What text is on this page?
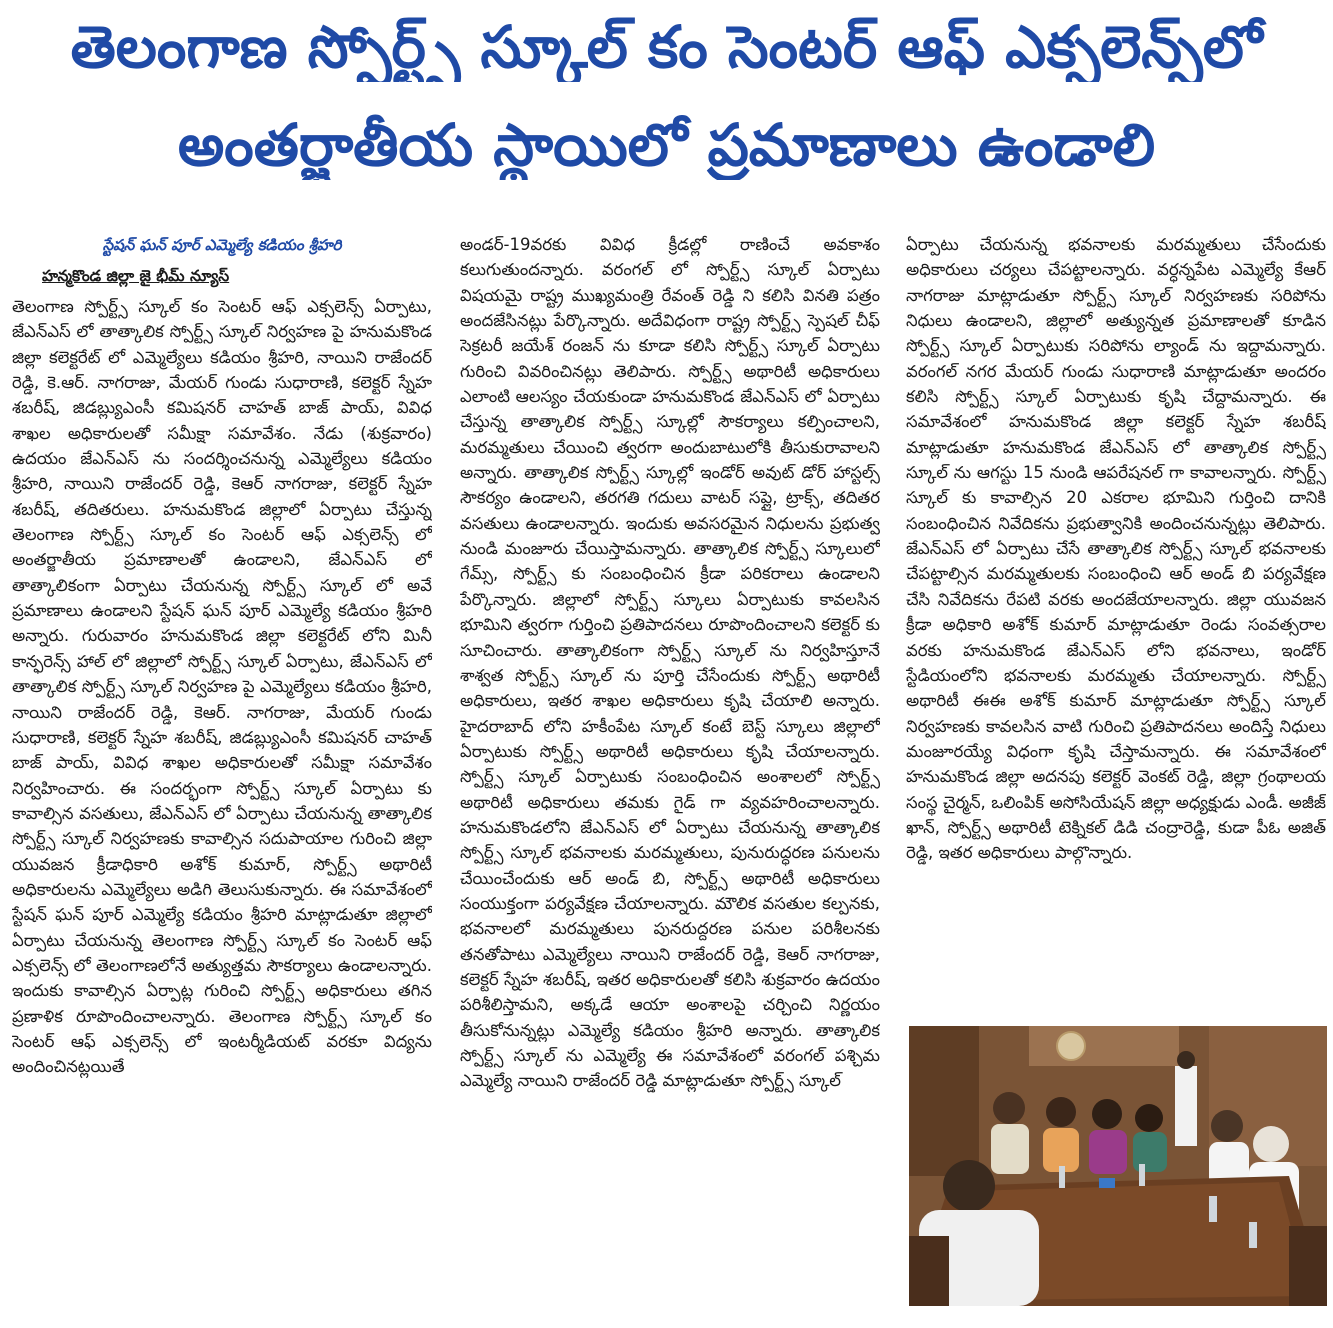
తెలంగాణ స్పోర్ట్స్ స్కూల్ కం సెంటర్ ఆఫ్ ఎక్సలెన్స్‌లో
అంతర్జాతీయ స్థాయిలో ప్రమాణాలు ఉండాలి
స్టేషన్ ఘన్ పూర్ ఎమ్మెల్యే కడియం శ్రీహరి
హన్మకొండ జిల్లా జై భీమ్ న్యూస్

తెలంగాణ స్పోర్ట్స్ స్కూల్ కం సెంటర్ ఆఫ్ ఎక్సలెన్స్ ఏర్పాటు, జేఎన్ఎస్ లో తాత్కాలిక స్పోర్ట్స్ స్కూల్ నిర్వహణ పై హనుమకొండ జిల్లా కలెక్టరేట్ లో ఎమ్మెల్యేలు కడియం శ్రీహరి, నాయిని రాజేందర్ రెడ్డి, కె.ఆర్. నాగరాజు, మేయర్ గుండు సుధారాణి, కలెక్టర్ స్నేహ శబరీష్, జిడబ్ల్యుఎంసీ కమిషనర్ చాహత్ బాజ్ పాయ్, వివిధ శాఖల అధికారులతో సమీక్షా సమావేశం. నేడు (శుక్రవారం) ఉదయం జేఎన్ఎస్ ను సందర్శించనున్న ఎమ్మెల్యేలు కడియం శ్రీహరి, నాయిని రాజేందర్ రెడ్డి, కెఆర్ నాగరాజు, కలెక్టర్ స్నేహ శబరీష్, తదితరులు. హనుమకొండ జిల్లాలో ఏర్పాటు చేస్తున్న తెలంగాణ స్పోర్ట్స్ స్కూల్ కం సెంటర్ ఆఫ్ ఎక్సలెన్స్ లో అంతర్జాతీయ ప్రమాణాలతో ఉండాలని, జేఎన్ఎస్ లో తాత్కాలికంగా ఏర్పాటు చేయనున్న స్పోర్ట్స్ స్కూల్ లో అవే ప్రమాణాలు ఉండాలని స్టేషన్ ఘన్ పూర్ ఎమ్మెల్యే కడియం శ్రీహరి అన్నారు. గురువారం హనుమకొండ జిల్లా కలెక్టరేట్ లోని మినీ కాన్ఫరెన్స్ హాల్ లో జిల్లాలో స్పోర్ట్స్ స్కూల్ ఏర్పాటు, జేఎన్ఎస్ లో తాత్కాలిక స్పోర్ట్స్ స్కూల్ నిర్వహణ పై ఎమ్మెల్యేలు కడియం శ్రీహరి, నాయిని రాజేందర్ రెడ్డి, కెఆర్. నాగరాజు, మేయర్ గుండు సుధారాణి, కలెక్టర్ స్నేహ శబరీష్, జిడబ్ల్యుఎంసీ కమిషనర్ చాహత్ బాజ్ పాయ్, వివిధ శాఖల అధికారులతో సమీక్షా సమావేశం నిర్వహించారు. ఈ సందర్భంగా స్పోర్ట్స్ స్కూల్ ఏర్పాటు కు కావాల్సిన వసతులు, జేఎన్ఎస్ లో ఏర్పాటు చేయనున్న తాత్కాలిక స్పోర్ట్స్ స్కూల్ నిర్వహణకు కావాల్సిన సదుపాయాల గురించి జిల్లా యువజన క్రీడాధికారి అశోక్ కుమార్, స్పోర్ట్స్ అథారిటీ అధికారులను ఎమ్మెల్యేలు అడిగి తెలుసుకున్నారు. ఈ సమావేశంలో స్టేషన్ ఘన్ పూర్ ఎమ్మెల్యే కడియం శ్రీహరి మాట్లాడుతూ జిల్లాలో ఏర్పాటు చేయనున్న తెలంగాణ స్పోర్ట్స్ స్కూల్ కం సెంటర్ ఆఫ్ ఎక్సలెన్స్ లో తెలంగాణలోనే అత్యుత్తమ సౌకర్యాలు ఉండాలన్నారు. ఇందుకు కావాల్సిన ఏర్పాట్ల గురించి స్పోర్ట్స్ అధికారులు తగిన ప్రణాళిక రూపొందించాలన్నారు. తెలంగాణ స్పోర్ట్స్ స్కూల్ కం సెంటర్ ఆఫ్ ఎక్సలెన్స్ లో ఇంటర్మీడియట్ వరకూ విద్యను అందించినట్లయితే

అండర్-19వరకు వివిధ క్రీడల్లో రాణించే అవకాశం కలుగుతుందన్నారు. వరంగల్ లో స్పోర్ట్స్ స్కూల్ ఏర్పాటు విషయమై రాష్ట్ర ముఖ్యమంత్రి రేవంత్ రెడ్డి ని కలిసి వినతి పత్రం అందజేసినట్లు పేర్కొన్నారు. అదేవిధంగా రాష్ట్ర స్పోర్ట్స్ స్పెషల్ చీఫ్ సెక్రటరీ జయేశ్ రంజన్ ను కూడా కలిసి స్పోర్ట్స్ స్కూల్ ఏర్పాటు గురించి వివరించినట్లు తెలిపారు. స్పోర్ట్స్ అథారిటీ అధికారులు ఎలాంటి ఆలస్యం చేయకుండా హనుమకొండ జేఎన్ఎస్ లో ఏర్పాటు చేస్తున్న తాత్కాలిక స్పోర్ట్స్ స్కూల్లో సౌకర్యాలు కల్పించాలని, మరమ్మతులు చేయించి త్వరగా అందుబాటులోకి తీసుకురావాలని అన్నారు. తాత్కాలిక స్పోర్ట్స్ స్కూల్లో ఇండోర్ అవుట్ డోర్ హాస్టల్స్ సౌకర్యం ఉండాలని, తరగతి గదులు వాటర్ సప్లై, ట్రాక్స్, తదితర వసతులు ఉండాలన్నారు. ఇందుకు అవసరమైన నిధులను ప్రభుత్వ నుండి మంజూరు చేయిస్తామన్నారు. తాత్కాలిక స్పోర్ట్స్ స్కూలులో గేమ్స్, స్పోర్ట్స్ కు సంబంధించిన క్రీడా పరికరాలు ఉండాలని పేర్కొన్నారు. జిల్లాలో స్పోర్ట్స్ స్కూలు ఏర్పాటుకు కావలసిన భూమిని త్వరగా గుర్తించి ప్రతిపాదనలు రూపొందించాలని కలెక్టర్ కు సూచించారు. తాత్కాలికంగా స్పోర్ట్స్ స్కూల్ ను నిర్వహిస్తూనే శాశ్వత స్పోర్ట్స్ స్కూల్ ను పూర్తి చేసేందుకు స్పోర్ట్స్ అథారిటీ అధికారులు, ఇతర శాఖల అధికారులు కృషి చేయాలి అన్నారు. హైదరాబాద్ లోని హకీంపేట స్కూల్ కంటే బెస్ట్ స్కూలు జిల్లాలో ఏర్పాటుకు స్పోర్ట్స్ అథారిటీ అధికారులు కృషి చేయాలన్నారు. స్పోర్ట్స్ స్కూల్ ఏర్పాటుకు సంబంధించిన అంశాలలో స్పోర్ట్స్ అథారిటీ అధికారులు తమకు గైడ్ గా వ్యవహరించాలన్నారు. హనుమకొండలోని జేఎన్ఎస్ లో ఏర్పాటు చేయనున్న తాత్కాలిక స్పోర్ట్స్ స్కూల్ భవనాలకు మరమ్మతులు, పునురుద్ధరణ పనులను చేయించేందుకు ఆర్ అండ్ బి, స్పోర్ట్స్ అథారిటీ అధికారులు సంయుక్తంగా పర్యవేక్షణ చేయాలన్నారు. మౌలిక వసతుల కల్పనకు, భవనాలలో మరమ్మతులు పునరుద్దరణ పనుల పరిశీలనకు తనతోపాటు ఎమ్మెల్యేలు నాయిని రాజేందర్ రెడ్డి, కెఆర్ నాగరాజు, కలెక్టర్ స్నేహ శబరీష్, ఇతర అధికారులతో కలిసి శుక్రవారం ఉదయం పరిశీలిస్తామని, అక్కడే ఆయా అంశాలపై చర్చించి నిర్ణయం తీసుకోనున్నట్లు ఎమ్మెల్యే కడియం శ్రీహరి అన్నారు. తాత్కాలిక స్పోర్ట్స్ స్కూల్ ను ఎమ్మెల్యే ఈ సమావేశంలో వరంగల్ పశ్చిమ ఎమ్మెల్యే నాయిని రాజేందర్ రెడ్డి మాట్లాడుతూ స్పోర్ట్స్ స్కూల్

ఏర్పాటు చేయనున్న భవనాలకు మరమ్మతులు చేసేందుకు అధికారులు చర్యలు చేపట్టాలన్నారు. వర్ధన్నపేట ఎమ్మెల్యే కేఆర్ నాగరాజు మాట్లాడుతూ స్పోర్ట్స్ స్కూల్ నిర్వహణకు సరిపోను నిధులు ఉండాలని, జిల్లాలో అత్యున్నత ప్రమాణాలతో కూడిన స్పోర్ట్స్ స్కూల్ ఏర్పాటుకు సరిపోను ల్యాండ్ ను ఇద్దామన్నారు. వరంగల్ నగర మేయర్ గుండు సుధారాణి మాట్లాడుతూ అందరం కలిసి స్పోర్ట్స్ స్కూల్ ఏర్పాటుకు కృషి చేద్దామన్నారు. ఈ సమావేశంలో హనుమకొండ జిల్లా కలెక్టర్ స్నేహ శబరీష్ మాట్లాడుతూ హనుమకొండ జేఎన్ఎస్ లో తాత్కాలిక స్పోర్ట్స్ స్కూల్ ను ఆగస్టు 15 నుండి ఆపరేషనల్ గా కావాలన్నారు. స్పోర్ట్స్ స్కూల్ కు కావాల్సిన 20 ఎకరాల భూమిని గుర్తించి దానికి సంబంధించిన నివేదికను ప్రభుత్వానికి అందించనున్నట్లు తెలిపారు. జేఎన్ఎస్ లో ఏర్పాటు చేసే తాత్కాలిక స్పోర్ట్స్ స్కూల్ భవనాలకు చేపట్టాల్సిన మరమ్మతులకు సంబంధించి ఆర్ అండ్ బి పర్యవేక్షణ చేసి నివేదికను రేపటి వరకు అందజేయాలన్నారు. జిల్లా యువజన క్రీడా అధికారి అశోక్ కుమార్ మాట్లాడుతూ రెండు సంవత్సరాల వరకు హనుమకొండ జేఎన్ఎస్ లోని భవనాలు, ఇండోర్ స్టేడియంలోని భవనాలకు మరమ్మతు చేయాలన్నారు. స్పోర్ట్స్ అథారిటీ ఈఈ అశోక్ కుమార్ మాట్లాడుతూ స్పోర్ట్స్ స్కూల్ నిర్వహణకు కావలసిన వాటి గురించి ప్రతిపాదనలు అందిస్తే నిధులు మంజూరయ్యే విధంగా కృషి చేస్తామన్నారు. ఈ సమావేశంలో హనుమకొండ జిల్లా అదనపు కలెక్టర్ వెంకట్ రెడ్డి, జిల్లా గ్రంథాలయ సంస్థ చైర్మన్, ఒలింపిక్ అసోసియేషన్ జిల్లా అధ్యక్షుడు ఎండీ. అజీజ్ ఖాన్, స్పోర్ట్స్ అథారిటీ టెక్నికల్ డిడి చంద్రారెడ్డి, కుడా పీఓ అజిత్ రెడ్డి, ఇతర అధికారులు పాల్గొన్నారు.
